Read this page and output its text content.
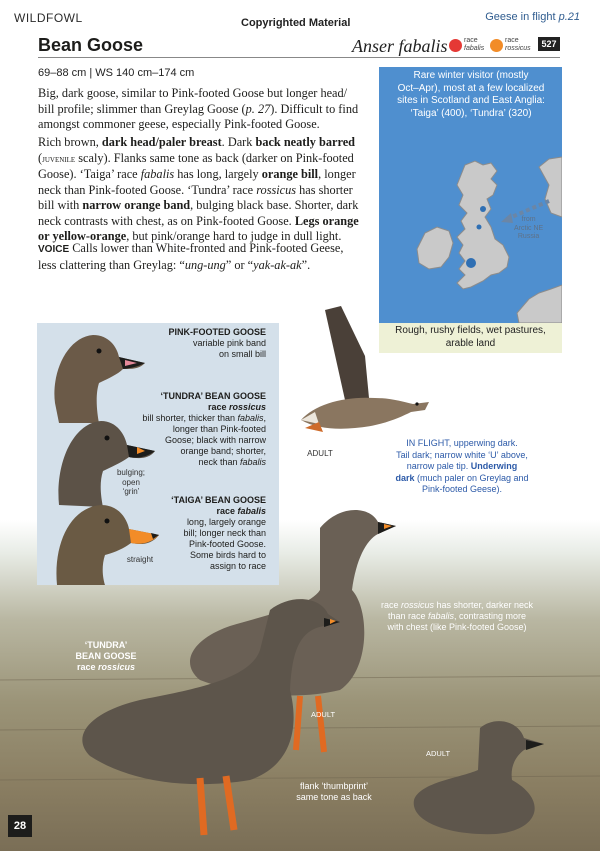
WILDFOWL	Copyrighted Material	Geese in flight p.21
Bean Goose	Anser fabalis race
fabalis
race
rossicus	527
69–88 cm | WS 140 cm–174 cm
Big, dark goose, similar to Pink-footed Goose but longer head/
bill profile; slimmer than Greylag Goose (p. 27). Difficult to find
amongst commoner geese, especially Pink-footed Goose.
Rich brown, dark head/paler breast. Dark back neatly barred
(juvenile scaly). Flanks same tone as back (darker on Pink-footed
Goose). ‘Taiga’ race fabalis has long, largely orange bill, longer
neck than Pink-footed Goose. ‘Tundra’ race rossicus has shorter
bill with narrow orange band, bulging black base. Shorter, dark
neck contrasts with chest, as on Pink-footed Goose. Legs orange
or yellow-orange, but pink/orange hard to judge in dull light.
VOICE Calls lower than White-fronted and Pink-footed Geese,
less clattering than Greylag: “ung-ung” or “yak-ak-ak”.
Rare winter visitor (mostly
Oct–Apr), most at a few localized
sites in Scotland and East Anglia:
‘Taiga’ (400), ‘Tundra’ (320)
from
Arctic NE
Russia
Rough, rushy fields, wet pastures, arable land
PINK-FOOTED GOOSE
variable pink band
on small bill
‘TUNDRA’ BEAN GOOSE
race rossicus
bill shorter, thicker than fabalis,
longer than Pink-footed
Goose; black with narrow
orange band; shorter,
neck than fabalis
bulging;
open
‘grin’
‘TAIGA’ BEAN GOOSE
race fabalis
long, largely orange
bill; longer neck than
Pink-footed Goose.
Some birds hard to
assign to race
straight
ADULT
IN FLIGHT, upperwing dark.
Tail dark; narrow white ‘U’ above,
narrow pale tip. Underwing
dark (much paler on Greylag and
Pink-footed Geese).
race rossicus has shorter, darker neck
than race fabalis, contrasting more
with chest (like Pink-footed Goose)
‘TUNDRA’
BEAN GOOSE
race rossicus
ADULT
ADULT
flank ‘thumbprint’
same tone as back
28
